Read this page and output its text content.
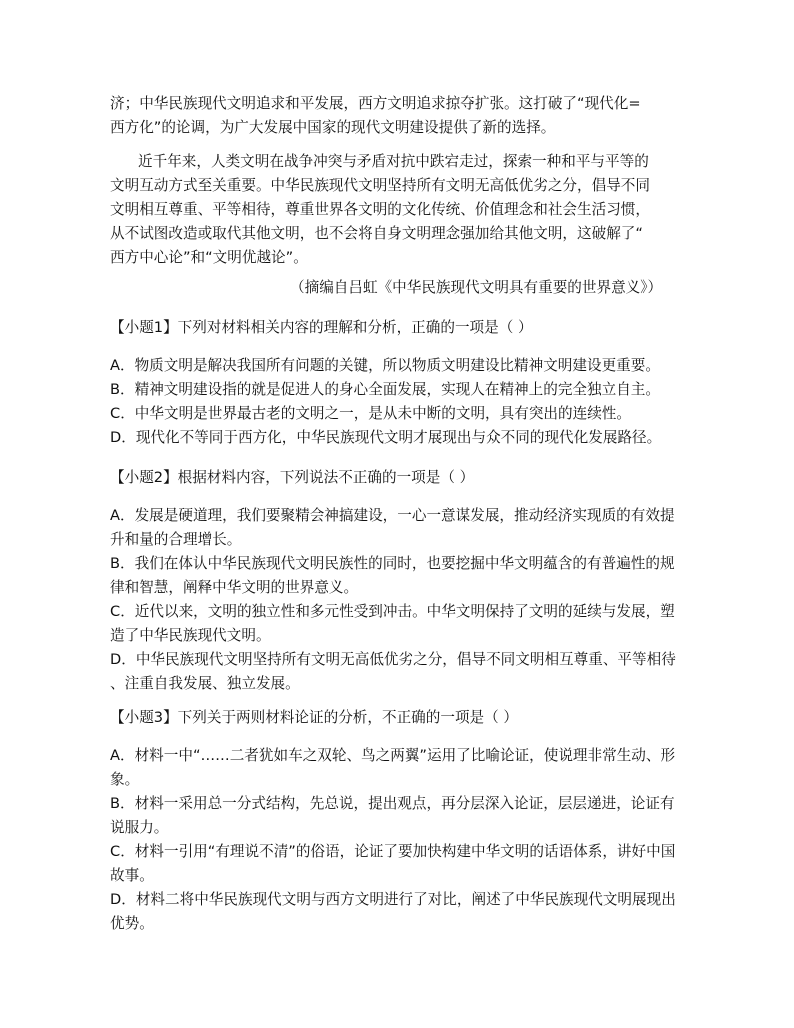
济；中华民族现代文明追求和平发展，西方文明追求掠夺扩张。这打破了“现代化=
西方化”的论调，为广大发展中国家的现代文明建设提供了新的选择。
近千年来，人类文明在战争冲突与矛盾对抗中跌宕走过，探索一种和平与平等的
文明互动方式至关重要。中华民族现代文明坚持所有文明无高低优劣之分，倡导不同
文明相互尊重、平等相待，尊重世界各文明的文化传统、价值理念和社会生活习惯，
从不试图改造或取代其他文明，也不会将自身文明理念强加给其他文明，这破解了“
西方中心论”和“文明优越论”。
（摘编自吕虹《中华民族现代文明具有重要的世界意义》）
【小题1】下列对材料相关内容的理解和分析，正确的一项是（ ）
A．物质文明是解决我国所有问题的关键，所以物质文明建设比精神文明建设更重要。
B．精神文明建设指的就是促进人的身心全面发展，实现人在精神上的完全独立自主。
C．中华文明是世界最古老的文明之一，是从未中断的文明，具有突出的连续性。
D．现代化不等同于西方化，中华民族现代文明才展现出与众不同的现代化发展路径。
【小题2】根据材料内容，下列说法不正确的一项是（ ）
A．发展是硬道理，我们要聚精会神搞建设，一心一意谋发展，推动经济实现质的有效提
升和量的合理增长。
B．我们在体认中华民族现代文明民族性的同时，也要挖掘中华文明蕴含的有普遍性的规
律和智慧，阐释中华文明的世界意义。
C．近代以来，文明的独立性和多元性受到冲击。中华文明保持了文明的延续与发展，塑
造了中华民族现代文明。
D．中华民族现代文明坚持所有文明无高低优劣之分，倡导不同文明相互尊重、平等相待
、注重自我发展、独立发展。
【小题3】下列关于两则材料论证的分析，不正确的一项是（ ）
A．材料一中“……二者犹如车之双轮、鸟之两翼”运用了比喻论证，使说理非常生动、形
象。
B．材料一采用总一分式结构，先总说，提出观点，再分层深入论证，层层递进，论证有
说服力。
C．材料一引用“有理说不清”的俗语，论证了要加快构建中华文明的话语体系，讲好中国
故事。
D．材料二将中华民族现代文明与西方文明进行了对比，阐述了中华民族现代文明展现出
优势。
